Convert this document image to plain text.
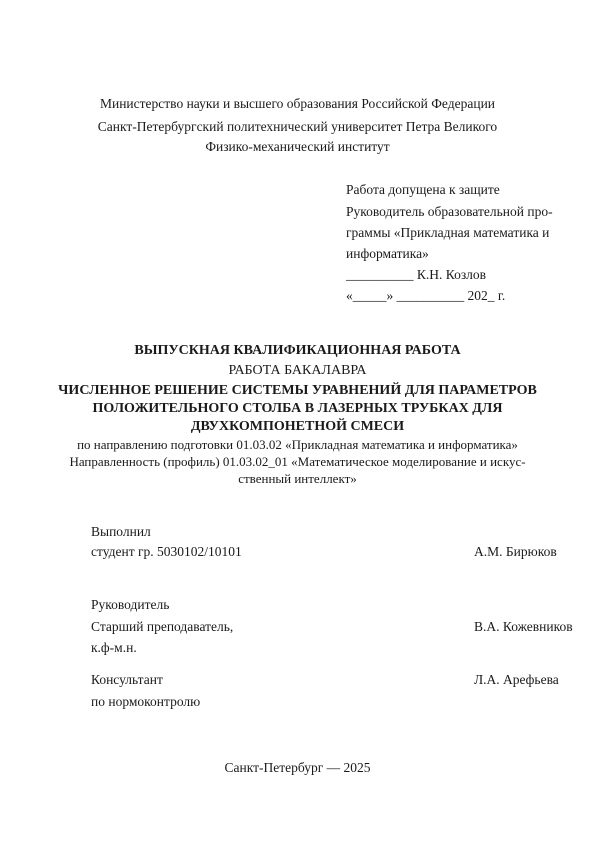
Министерство науки и высшего образования Российской Федерации
Санкт-Петербургский политехнический университет Петра Великого
Физико-механический институт
Работа допущена к защите
Руководитель образовательной про-
граммы «Прикладная математика и
информатика»
__________ К.Н. Козлов
«_____» __________ 202_ г.
ВЫПУСКНАЯ КВАЛИФИКАЦИОННАЯ РАБОТА
РАБОТА БАКАЛАВРА
ЧИСЛЕННОЕ РЕШЕНИЕ СИСТЕМЫ УРАВНЕНИЙ ДЛЯ ПАРАМЕТРОВ
ПОЛОЖИТЕЛЬНОГО СТОЛБА В ЛАЗЕРНЫХ ТРУБКАХ ДЛЯ
ДВУХКОМПОНЕТНОЙ СМЕСИ
по направлению подготовки 01.03.02 «Прикладная математика и информатика»
Направленность (профиль) 01.03.02_01 «Математическое моделирование и искус-
ственный интеллект»
Выполнил
студент гр. 5030102/10101	А.М. Бирюков
Руководитель
Старший преподаватель,	В.А. Кожевников
к.ф-м.н.
Консультант	Л.А. Арефьева
по нормоконтролю
Санкт-Петербург — 2025
